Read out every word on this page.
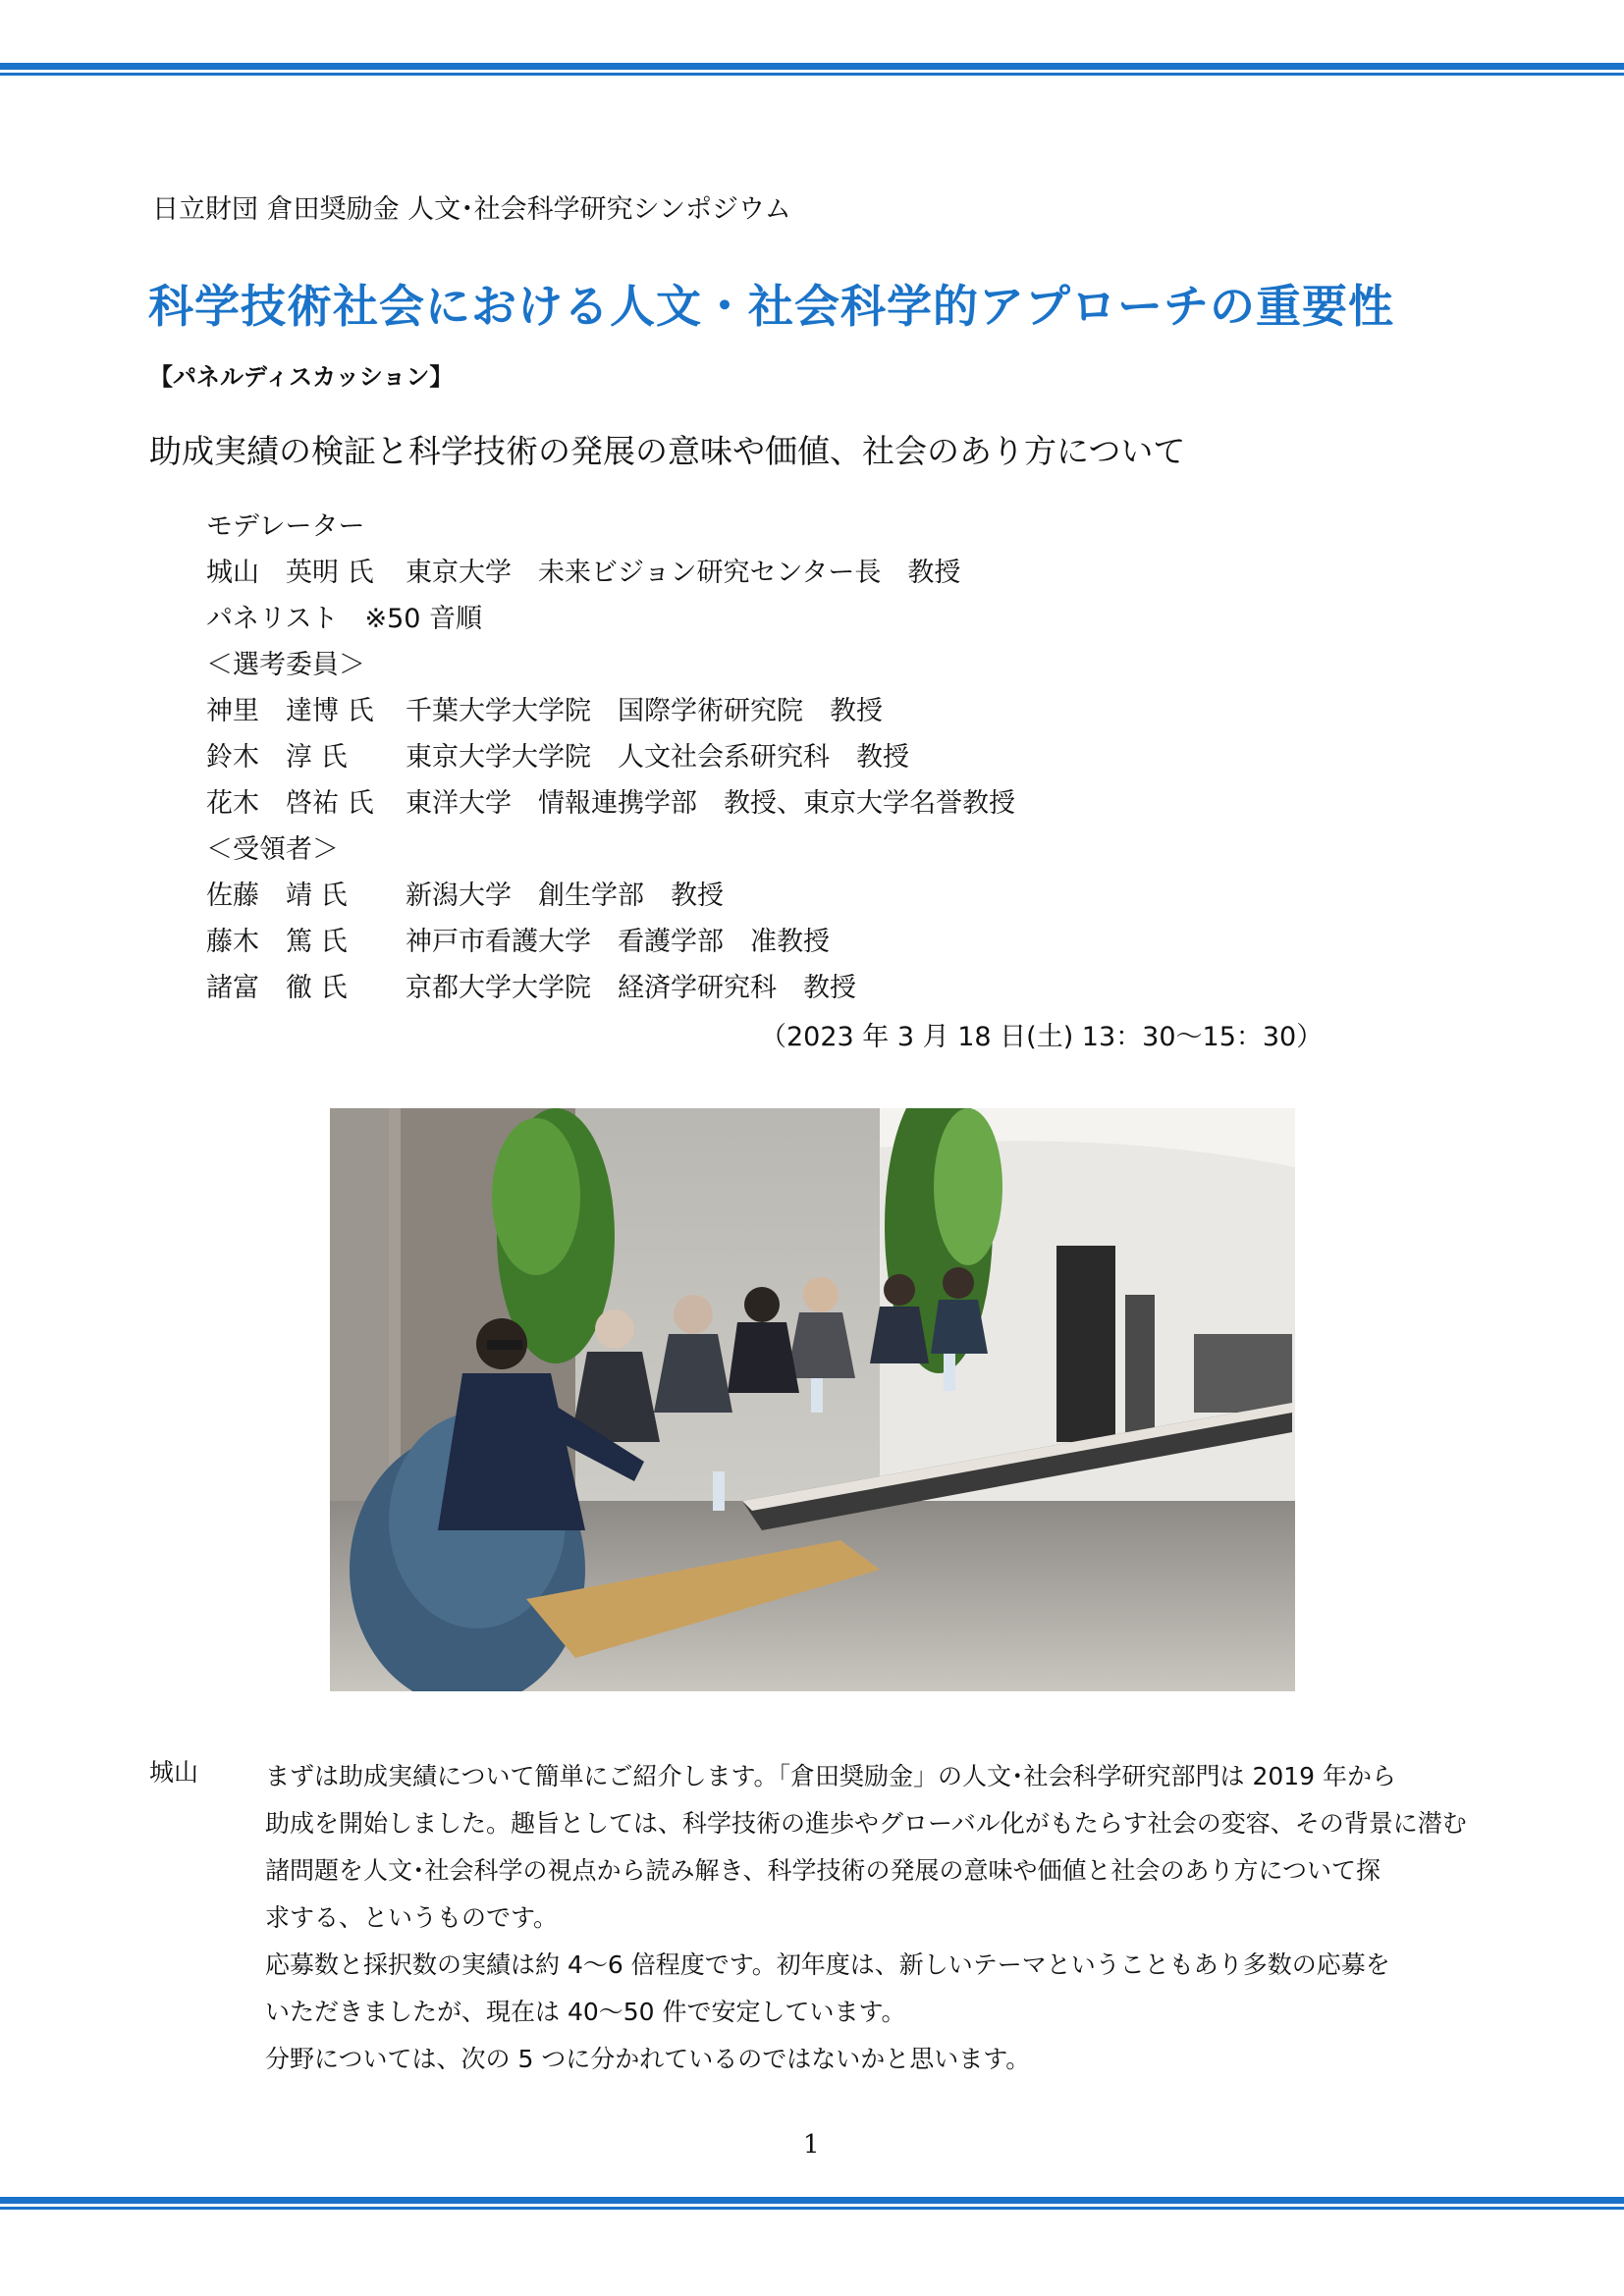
日立財団 倉田奨励金 人文･社会科学研究シンポジウム
科学技術社会における人文・社会科学的アプローチの重要性
【パネルディスカッション】
助成実績の検証と科学技術の発展の意味や価値、社会のあり方について
モデレーター
城山　英明 氏 東京大学　未来ビジョン研究センター長　教授
パネリスト　※50 音順
＜選考委員＞
神里　達博 氏 千葉大学大学院　国際学術研究院　教授
鈴木　淳 氏 東京大学大学院　人文社会系研究科　教授
花木　啓祐 氏 東洋大学　情報連携学部　教授、東京大学名誉教授
＜受領者＞
佐藤　靖 氏 新潟大学　創生学部　教授
藤木　篤 氏 神戸市看護大学　看護学部　准教授
諸富　徹 氏 京都大学大学院　経済学研究科　教授
（2023 年 3 月 18 日(土) 13：30～15：30）
城山	まずは助成実績について簡単にご紹介します。「倉田奨励金」の人文･社会科学研究部門は 2019 年から

助成を開始しました。趣旨としては、科学技術の進歩やグローバル化がもたらす社会の変容、その背景に潜む

諸問題を人文･社会科学の視点から読み解き、科学技術の発展の意味や価値と社会のあり方について探

求する、というものです。

応募数と採択数の実績は約 4～6 倍程度です。初年度は、新しいテーマということもあり多数の応募を

いただきましたが、現在は 40～50 件で安定しています。

分野については、次の 5 つに分かれているのではないかと思います。

1
